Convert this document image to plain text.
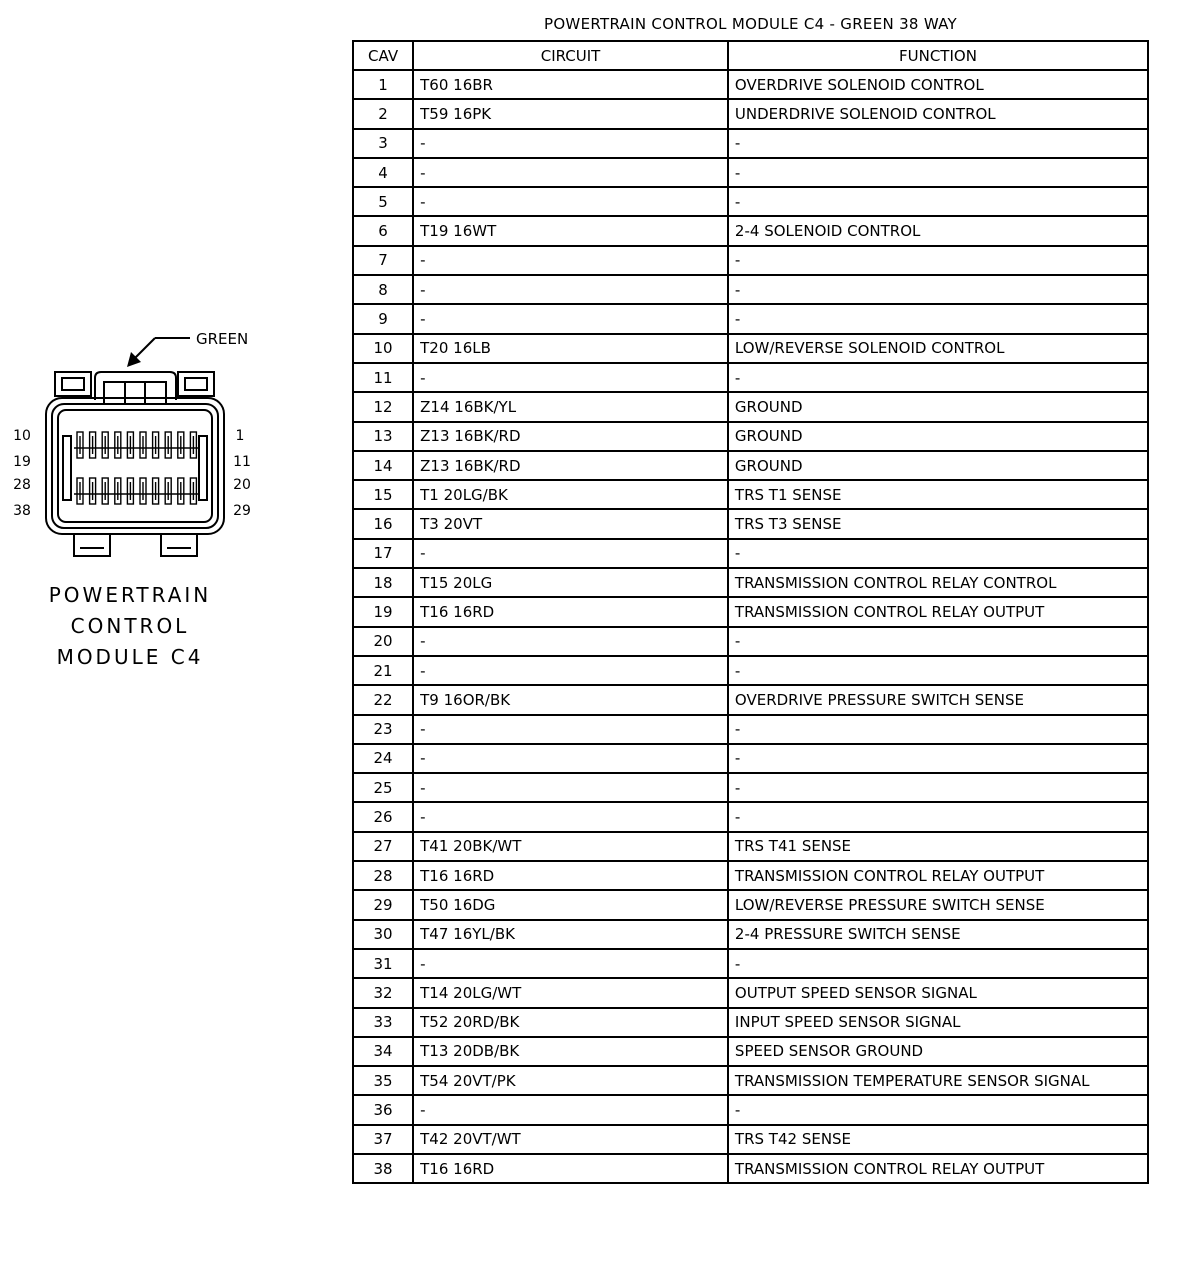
POWERTRAIN CONTROL MODULE C4 - GREEN 38 WAY
CAV	CIRCUIT	FUNCTION
1	T60 16BR	OVERDRIVE SOLENOID CONTROL
2	T59 16PK	UNDERDRIVE SOLENOID CONTROL
3	-	-
4	-	-
5	-	-
6	T19 16WT	2-4 SOLENOID CONTROL
7	-	-
8	-	-
9	-	-
10	T20 16LB	LOW/REVERSE SOLENOID CONTROL
11	-	-
12	Z14 16BK/YL	GROUND
13	Z13 16BK/RD	GROUND
14	Z13 16BK/RD	GROUND
15	T1 20LG/BK	TRS T1 SENSE
16	T3 20VT	TRS T3 SENSE
17	-	-
18	T15 20LG	TRANSMISSION CONTROL RELAY CONTROL
19	T16 16RD	TRANSMISSION CONTROL RELAY OUTPUT
20	-	-
21	-	-
22	T9 16OR/BK	OVERDRIVE PRESSURE SWITCH SENSE
23	-	-
24	-	-
25	-	-
26	-	-
27	T41 20BK/WT	TRS T41 SENSE
28	T16 16RD	TRANSMISSION CONTROL RELAY OUTPUT
29	T50 16DG	LOW/REVERSE PRESSURE SWITCH SENSE
30	T47 16YL/BK	2-4 PRESSURE SWITCH SENSE
31	-	-
32	T14 20LG/WT	OUTPUT SPEED SENSOR SIGNAL
33	T52 20RD/BK	INPUT SPEED SENSOR SIGNAL
34	T13 20DB/BK	SPEED SENSOR GROUND
35	T54 20VT/PK	TRANSMISSION TEMPERATURE SENSOR SIGNAL
36	-	-
37	T42 20VT/WT	TRS T42 SENSE
38	T16 16RD	TRANSMISSION CONTROL RELAY OUTPUT
GREEN
10
19
28
38
1
11
20
29
POWERTRAIN
CONTROL
MODULE C4
